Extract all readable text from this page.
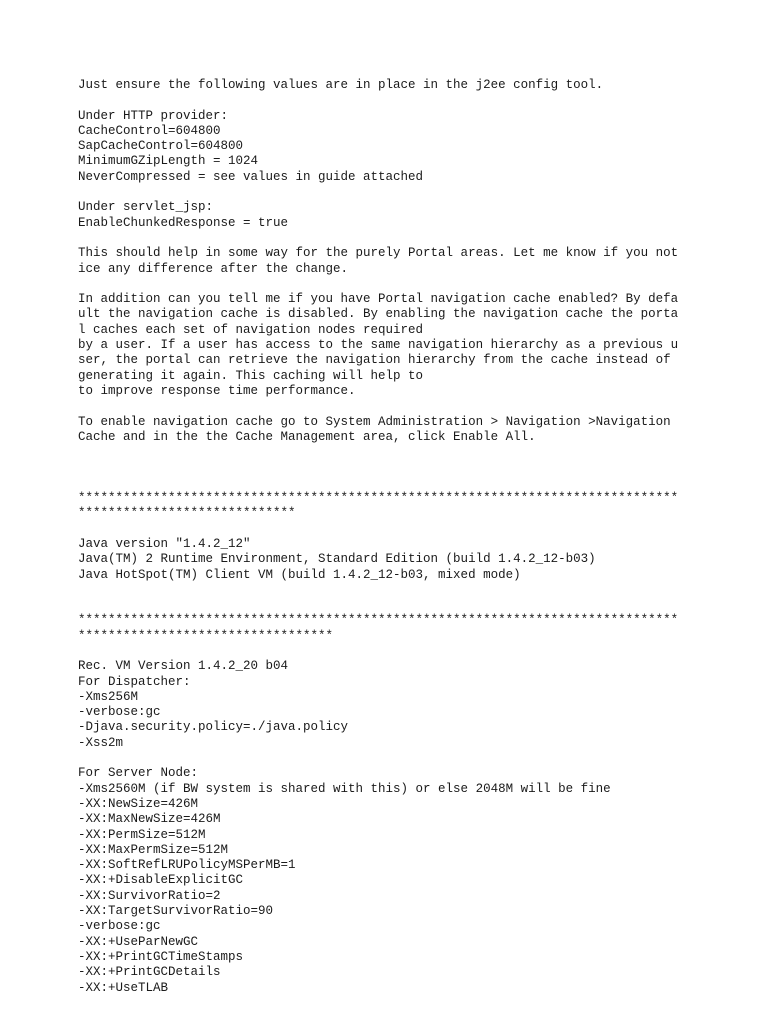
Just ensure the following values are in place in the j2ee config tool.
Under HTTP provider:
CacheControl=604800
SapCacheControl=604800
MinimumGZipLength = 1024
NeverCompressed = see values in guide attached
Under servlet_jsp:
EnableChunkedResponse = true
This should help in some way for the purely Portal areas. Let me know if you not
ice any difference after the change.
In addition can you tell me if you have Portal navigation cache enabled? By defa
ult the navigation cache is disabled. By enabling the navigation cache the porta
l caches each set of navigation nodes required
by a user. If a user has access to the same navigation hierarchy as a previous u
ser, the portal can retrieve the navigation hierarchy from the cache instead of
generating it again. This caching will help to
to improve response time performance.
To enable navigation cache go to System Administration > Navigation >Navigation
Cache and in the the Cache Management area, click Enable All.
********************************************************************************
*****************************
Java version "1.4.2_12"
Java(TM) 2 Runtime Environment, Standard Edition (build 1.4.2_12-b03)
Java HotSpot(TM) Client VM (build 1.4.2_12-b03, mixed mode)
********************************************************************************
**********************************
Rec. VM Version 1.4.2_20 b04
For Dispatcher:
-Xms256M
-verbose:gc
-Djava.security.policy=./java.policy
-Xss2m
For Server Node:
-Xms2560M (if BW system is shared with this) or else 2048M will be fine
-XX:NewSize=426M
-XX:MaxNewSize=426M
-XX:PermSize=512M
-XX:MaxPermSize=512M
-XX:SoftRefLRUPolicyMSPerMB=1
-XX:+DisableExplicitGC
-XX:SurvivorRatio=2
-XX:TargetSurvivorRatio=90
-verbose:gc
-XX:+UseParNewGC
-XX:+PrintGCTimeStamps
-XX:+PrintGCDetails
-XX:+UseTLAB
